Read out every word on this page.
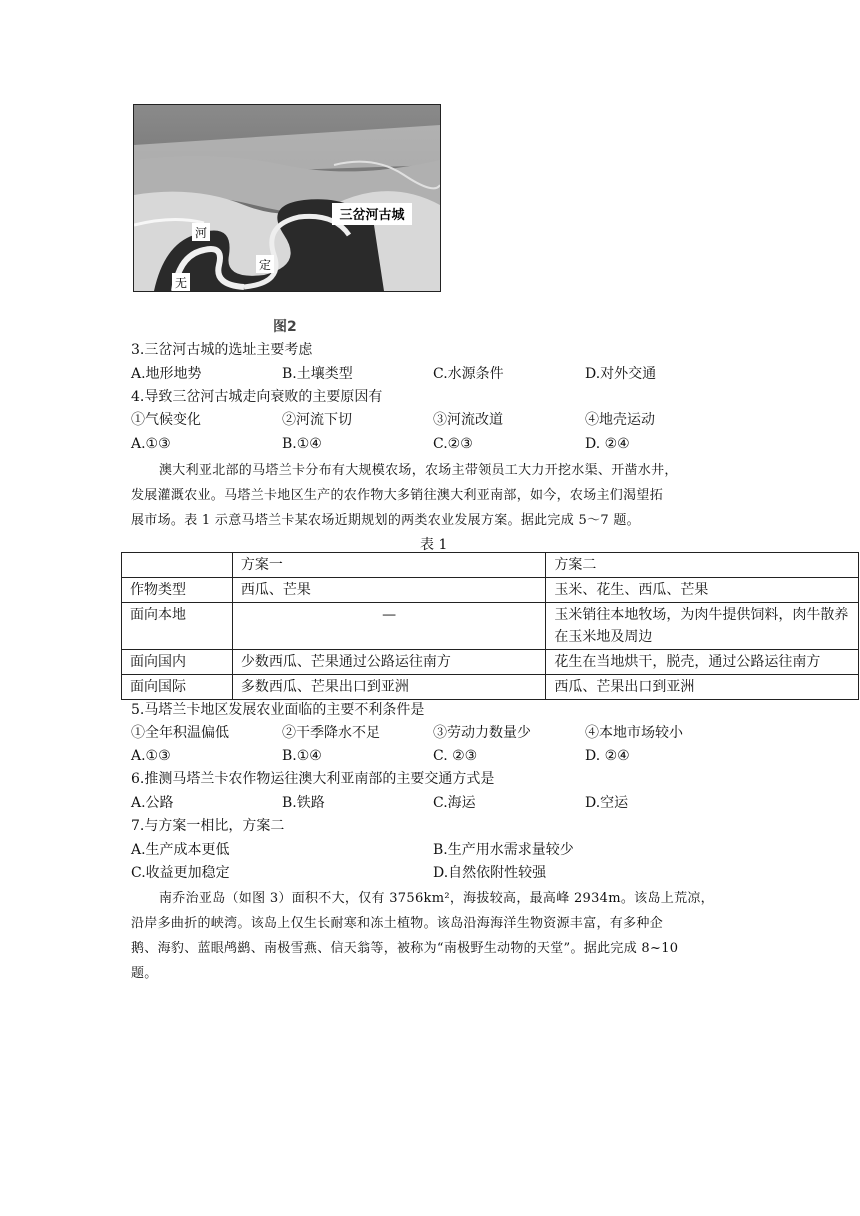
三岔河古城
河
定
无
图2
3.三岔河古城的选址主要考虑
A.地形地势	B.土壤类型	C.水源条件	D.对外交通
4.导致三岔河古城走向衰败的主要原因有
①气候变化	②河流下切	③河流改道	④地壳运动
A.①③	B.①④	C.②③	D. ②④
澳大利亚北部的马塔兰卡分布有大规模农场，农场主带领员工大力开挖水渠、开凿水井，
发展灌溉农业。马塔兰卡地区生产的农作物大多销往澳大利亚南部，如今，农场主们渴望拓
展市场。表 1 示意马塔兰卡某农场近期规划的两类农业发展方案。据此完成 5～7 题。
表 1
	方案一	方案二
作物类型	西瓜、芒果	玉米、花生、西瓜、芒果
面向本地	—	玉米销往本地牧场，为肉牛提供饲料，肉牛散养在玉米地及周边
面向国内	少数西瓜、芒果通过公路运往南方	花生在当地烘干，脱壳，通过公路运往南方
面向国际	多数西瓜、芒果出口到亚洲	西瓜、芒果出口到亚洲
5.马塔兰卡地区发展农业面临的主要不利条件是
①全年积温偏低	②干季降水不足	③劳动力数量少	④本地市场较小
A.①③	B.①④	C. ②③	D. ②④
6.推测马塔兰卡农作物运往澳大利亚南部的主要交通方式是
A.公路	B.铁路	C.海运	D.空运
7.与方案一相比，方案二
A.生产成本更低	B.生产用水需求量较少
C.收益更加稳定	D.自然依附性较强
南乔治亚岛（如图 3）面积不大，仅有 3756km²，海拔较高，最高峰 2934m。该岛上荒凉，
沿岸多曲折的峡湾。该岛上仅生长耐寒和冻土植物。该岛沿海海洋生物资源丰富，有多种企
鹅、海豹、蓝眼鸬鹚、南极雪燕、信天翁等，被称为“南极野生动物的天堂”。据此完成 8~10
题。
